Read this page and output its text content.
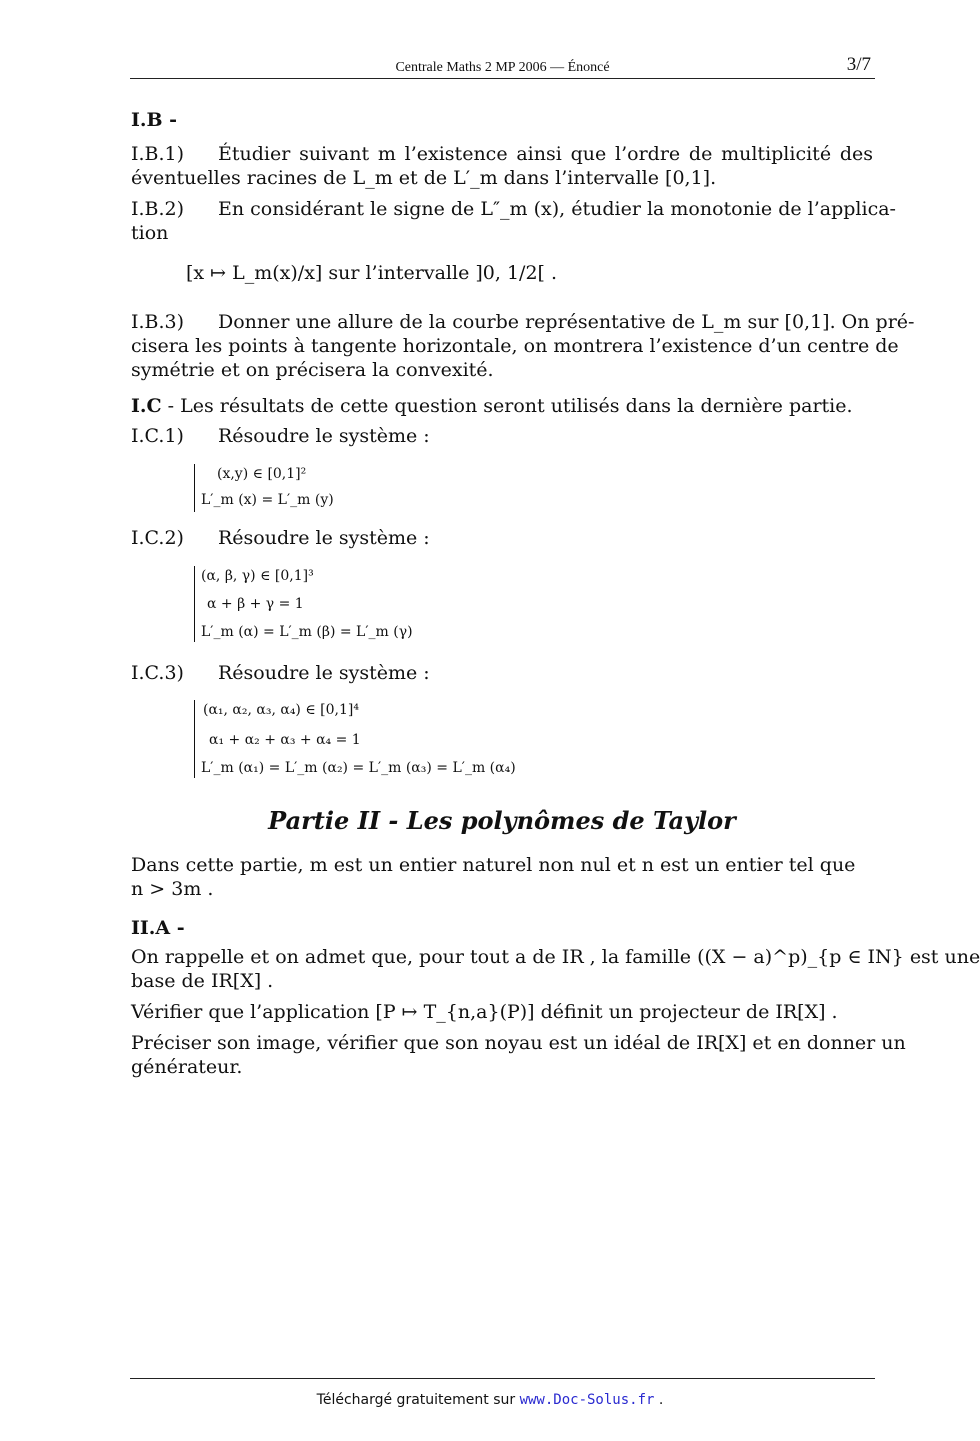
Centrale Maths 2 MP 2006 — Énoncé	3/7
I.B -
I.B.1) Étudier suivant m l’existence ainsi que l’ordre de multiplicité des
éventuelles racines de L_m et de L′_m dans l’intervalle [0,1].
I.B.2) En considérant le signe de L″_m (x), étudier la monotonie de l’applica-
tion
[x ↦ L_m(x)/x] sur l’intervalle ]0, 1/2[ .
I.B.3) Donner une allure de la courbe représentative de L_m sur [0,1]. On pré-
cisera les points à tangente horizontale, on montrera l’existence d’un centre de
symétrie et on précisera la convexité.
I.C - Les résultats de cette question seront utilisés dans la dernière partie.
I.C.1) Résoudre le système :
(x,y) ∈ [0,1]²
L′_m (x) = L′_m (y)
I.C.2) Résoudre le système :
(α, β, γ) ∈ [0,1]³
α + β + γ = 1
L′_m (α) = L′_m (β) = L′_m (γ)
I.C.3) Résoudre le système :
(α₁, α₂, α₃, α₄) ∈ [0,1]⁴
α₁ + α₂ + α₃ + α₄ = 1
L′_m (α₁) = L′_m (α₂) = L′_m (α₃) = L′_m (α₄)
Partie II - Les polynômes de Taylor
Dans cette partie, m est un entier naturel non nul et n est un entier tel que
n > 3m .
II.A -
On rappelle et on admet que, pour tout a de IR , la famille ((X − a)^p)_{p ∈ IN} est une
base de IR[X] .
Vérifier que l’application [P ↦ T_{n,a}(P)] définit un projecteur de IR[X] .
Préciser son image, vérifier que son noyau est un idéal de IR[X] et en donner un
générateur.
Téléchargé gratuitement sur www.Doc-Solus.fr .
